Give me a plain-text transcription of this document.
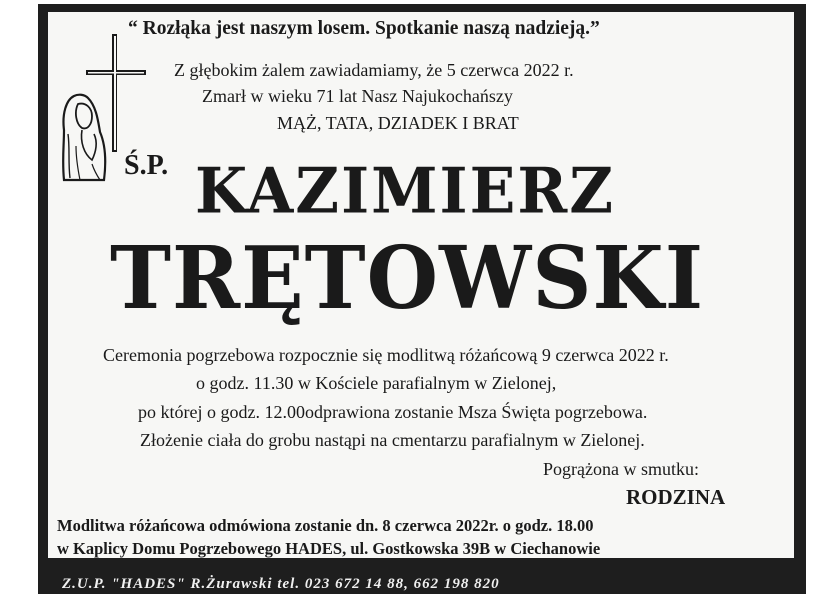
“ Rozłąka jest naszym losem. Spotkanie naszą nadzieją.”
Z głębokim żalem zawiadamiamy, że 5 czerwca 2022 r.
Zmarł w wieku 71 lat Nasz Najukochańszy
MĄŻ, TATA, DZIADEK I BRAT
Ś.P. KAZIMIERZ
TRĘTOWSKI
Ceremonia pogrzebowa rozpocznie się modlitwą różańcową 9 czerwca 2022 r.
o godz. 11.30 w Kościele parafialnym w Zielonej,
po której o godz. 12.00odprawiona zostanie Msza Święta pogrzebowa.
Złożenie ciała do grobu nastąpi na cmentarzu parafialnym w Zielonej.
Pogrążona w smutku:
RODZINA
Modlitwa różańcowa odmówiona zostanie dn. 8 czerwca 2022r. o godz. 18.00
w Kaplicy Domu Pogrzebowego HADES, ul. Gostkowska 39B w Ciechanowie
Z.U.P. "HADES" R.Żurawski tel. 023 672 14 88, 662 198 820
